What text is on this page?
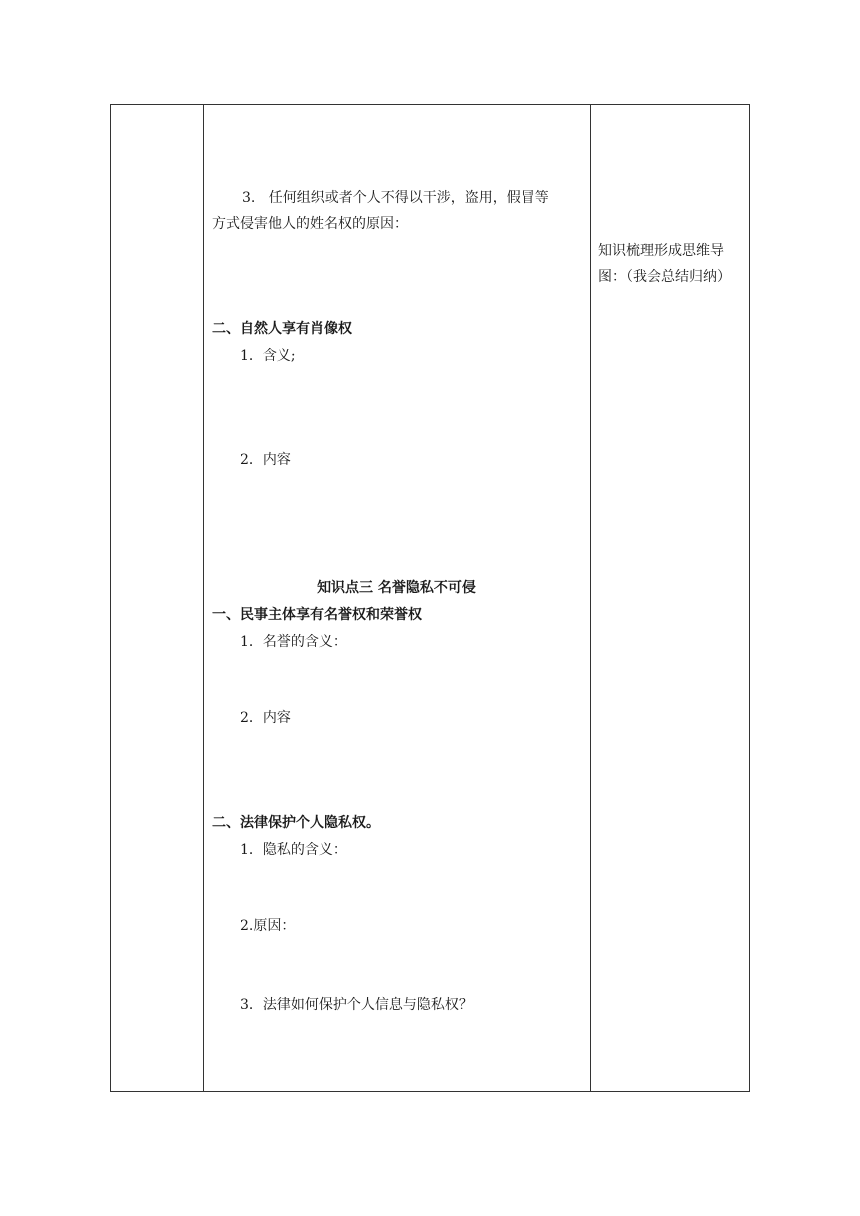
3.   任何组织或者个人不得以干涉，盗用，假冒等
方式侵害他人的姓名权的原因：
二、自然人享有肖像权
1．含义;
2．内容
知识点三 名誉隐私不可侵
一、民事主体享有名誉权和荣誉权
1．名誉的含义：
2．内容
二、法律保护个人隐私权。
1．隐私的含义：
2.原因：
3．法律如何保护个人信息与隐私权？
知识梳理形成思维导图：（我会总结归纳）
